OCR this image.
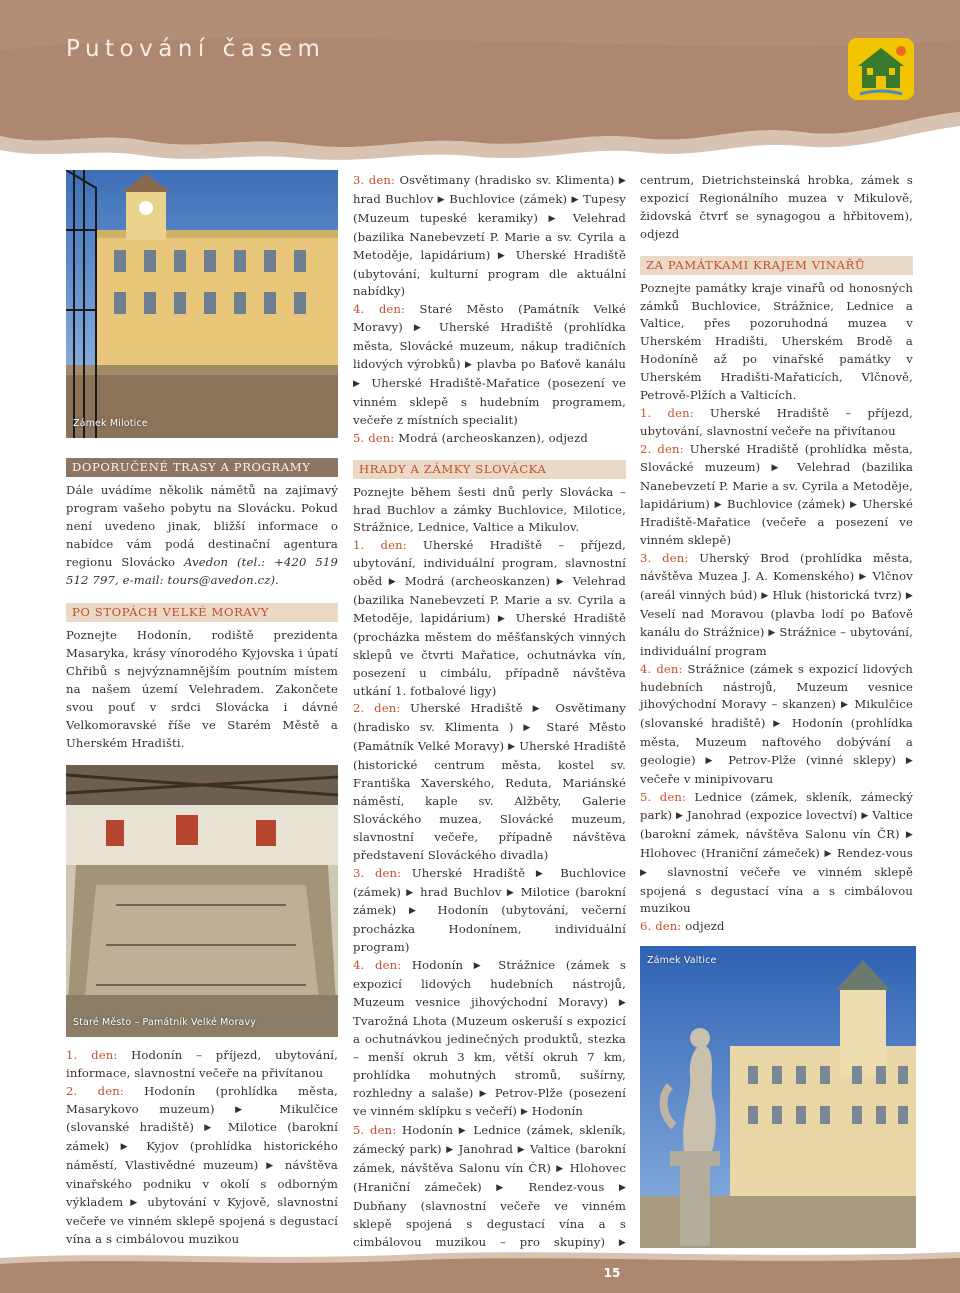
Putování časem
Zámek Milotice
DOPORUČENÉ TRASY A PROGRAMY

Dále uvádíme několik námětů na zajímavý program vašeho pobytu na Slovácku. Pokud není uvedeno jinak, bližší informace o nabídce vám podá destinační agentura regionu Slovácko Avedon (tel.: +420 519 512 797, e-mail: tours@avedon.cz).

PO STOPÁCH VELKÉ MORAVY

Poznejte Hodonín, rodiště prezidenta Masaryka, krásy vínorodého Kyjovska i úpatí Chřibů s nejvýznamnějším poutním místem na našem území Velehradem. Zakončete svou pouť v srdci Slovácka i dávné Velkomoravské říše ve Starém Městě a Uherském Hradišti.

Staré Město – Památník Velké Moravy

1. den: Hodonín – příjezd, ubytování, informace, slavnostní večeře na přivítanou

2. den: Hodonín (prohlídka města, Masarykovo muzeum) ▶ Mikulčice (slovanské hradiště) ▶ Milotice (barokní zámek) ▶ Kyjov (prohlídka historického náměstí, Vlastivědné muzeum) ▶ návštěva vinařského podniku v okolí s odborným výkladem ▶ ubytování v Kyjově, slavnostní večeře ve vinném sklepě spojená s degustací vína a s cimbálovou muzikou

3. den: Osvětimany (hradisko sv. Klimenta) ▶ hrad Buchlov ▶ Buchlovice (zámek) ▶ Tupesy (Muzeum tupeské keramiky) ▶ Velehrad (bazilika Nanebevzetí P. Marie a sv. Cyrila a Metoděje, lapidárium) ▶ Uherské Hradiště (ubytování, kulturní program dle aktuální nabídky)

4. den: Staré Město (Památník Velké Moravy) ▶ Uherské Hradiště (prohlídka města, Slovácké muzeum, nákup tradičních lidových výrobků) ▶ plavba po Baťově kanálu ▶ Uherské Hradiště-Mařatice (posezení ve vinném sklepě s hudebním programem, večeře z místních specialit)

5. den: Modrá (archeoskanzen), odjezd

HRADY A ZÁMKY SLOVÁCKA

Poznejte během šesti dnů perly Slovácka – hrad Buchlov a zámky Buchlovice, Milotice, Strážnice, Lednice, Valtice a Mikulov.

1. den: Uherské Hradiště – příjezd, ubytování, individuální program, slavnostní oběd ▶ Modrá (archeoskanzen) ▶ Velehrad (bazilika Nanebevzetí P. Marie a sv. Cyrila a Metoděje, lapidárium) ▶ Uherské Hradiště (procházka městem do měšťanských vinných sklepů ve čtvrti Mařatice, ochutnávka vín, posezení u cimbálu, případně návštěva utkání 1. fotbalové ligy)

2. den: Uherské Hradiště ▶ Osvětimany (hradisko sv. Klimenta ) ▶ Staré Město (Památník Velké Moravy) ▶ Uherské Hradiště (historické centrum města, kostel sv. Františka Xaverského, Reduta, Mariánské náměstí, kaple sv. Alžběty, Galerie Slováckého muzea, Slovácké muzeum, slavnostní večeře, případně návštěva představení Slováckého divadla)

3. den: Uherské Hradiště ▶ Buchlovice (zámek) ▶ hrad Buchlov ▶ Milotice (barokní zámek) ▶ Hodonín (ubytování, večerní procházka Hodonínem, individuální program)

4. den: Hodonín ▶ Strážnice (zámek s expozicí lidových hudebních nástrojů, Muzeum vesnice jihovýchodní Moravy) ▶ Tvarožná Lhota (Muzeum oskeruší s expozicí a ochutnávkou jedinečných produktů, stezka – menší okruh 3 km, větší okruh 7 km, prohlídka mohutných stromů, sušírny, rozhledny a salaše) ▶ Petrov-Plže (posezení ve vinném sklípku s večeří) ▶ Hodonín

5. den: Hodonín ▶ Lednice (zámek, skleník, zámecký park) ▶ Janohrad ▶ Valtice (barokní zámek, návštěva Salonu vín ČR) ▶ Hlohovec (Hraniční zámeček) ▶ Rendez-vous ▶ Dubňany (slavnostní večeře ve vinném sklepě spojená s degustací vína a s cimbálovou muzikou – pro skupiny) ▶

centrum, Dietrichsteinská hrobka, zámek s expozicí Regionálního muzea v Mikulově, židovská čtvrť se synagogou a hřbitovem), odjezd

ZA PAMÁTKAMI KRAJEM VINAŘŮ

Poznejte památky kraje vinařů od honosných zámků Buchlovice, Strážnice, Lednice a Valtice, přes pozoruhodná muzea v Uherském Hradišti, Uherském Brodě a Hodoníně až po vinařské památky v Uherském Hradišti-Mařaticích, Vlčnově, Petrově-Plžích a Valticích.

1. den: Uherské Hradiště – příjezd, ubytování, slavnostní večeře na přivítanou

2. den: Uherské Hradiště (prohlídka města, Slovácké muzeum) ▶ Velehrad (bazilika Nanebevzetí P. Marie a sv. Cyrila a Metoděje, lapidárium) ▶ Buchlovice (zámek) ▶ Uherské Hradiště-Mařatice (večeře a posezení ve vinném sklepě)

3. den: Uherský Brod (prohlídka města, návštěva Muzea J. A. Komenského) ▶ Vlčnov (areál vinných búd) ▶ Hluk (historická tvrz) ▶ Veselí nad Moravou (plavba lodí po Baťově kanálu do Strážnice) ▶ Strážnice – ubytování, individuální program

4. den: Strážnice (zámek s expozicí lidových hudebních nástrojů, Muzeum vesnice jihovýchodní Moravy – skanzen) ▶ Mikulčice (slovanské hradiště) ▶ Hodonín (prohlídka města, Muzeum naftového dobývání a geologie) ▶ Petrov-Plže (vinné sklepy) ▶ večeře v minipivovaru

5. den: Lednice (zámek, skleník, zámecký park) ▶ Janohrad (expozice lovectví) ▶ Valtice (barokní zámek, návštěva Salonu vín ČR) ▶ Hlohovec (Hraniční zámeček) ▶ Rendez-vous ▶ slavnostní večeře ve vinném sklepě spojená s degustací vína a s cimbálovou muzikou

6. den: odjezd

Zámek Valtice
15
